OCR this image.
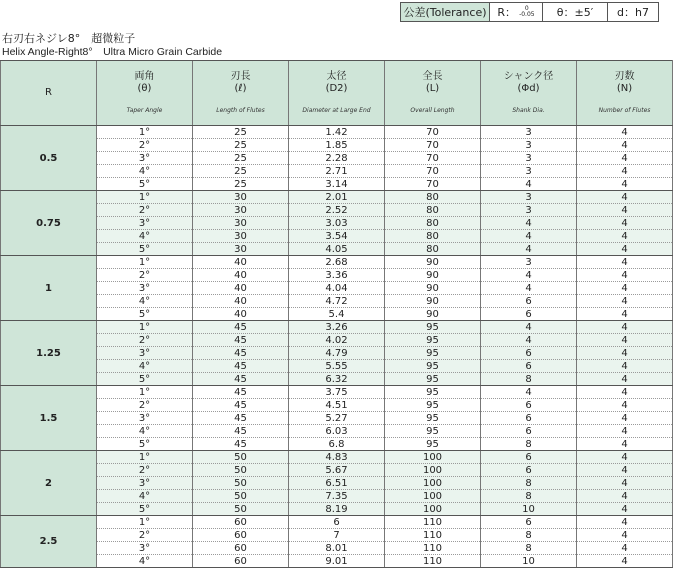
公差(Tolerance) R：	0
-0.05	θ：±5′	d：h7
右刃右ネジレ8°　超微粒子
Helix Angle-Right8°　Ultra Micro Grain Carbide
R	両角
(θ)
Taper Angle	刃長
(ℓ)
Length of Flutes	太径
(D2)
Diameter at Large End	全長
(L)
Overall Length	シャンク径
(Φd)
Shank Dia.	刃数
(N)
Number of Flutes

0.5	1°	25	1.42	70	3	4
	2°	25	1.85	70	3	4
	3°	25	2.28	70	3	4
	4°	25	2.71	70	3	4
	5°	25	3.14	70	4	4
0.75	1°	30	2.01	80	3	4
	2°	30	2.52	80	3	4
	3°	30	3.03	80	4	4
	4°	30	3.54	80	4	4
	5°	30	4.05	80	4	4
1	1°	40	2.68	90	3	4
	2°	40	3.36	90	4	4
	3°	40	4.04	90	4	4
	4°	40	4.72	90	6	4
	5°	40	5.4	90	6	4
1.25	1°	45	3.26	95	4	4
	2°	45	4.02	95	4	4
	3°	45	4.79	95	6	4
	4°	45	5.55	95	6	4
	5°	45	6.32	95	8	4
1.5	1°	45	3.75	95	4	4
	2°	45	4.51	95	6	4
	3°	45	5.27	95	6	4
	4°	45	6.03	95	6	4
	5°	45	6.8	95	8	4
2	1°	50	4.83	100	6	4
	2°	50	5.67	100	6	4
	3°	50	6.51	100	8	4
	4°	50	7.35	100	8	4
	5°	50	8.19	100	10	4
2.5	1°	60	6	110	6	4
	2°	60	7	110	8	4
	3°	60	8.01	110	8	4
	4°	60	9.01	110	10	4
